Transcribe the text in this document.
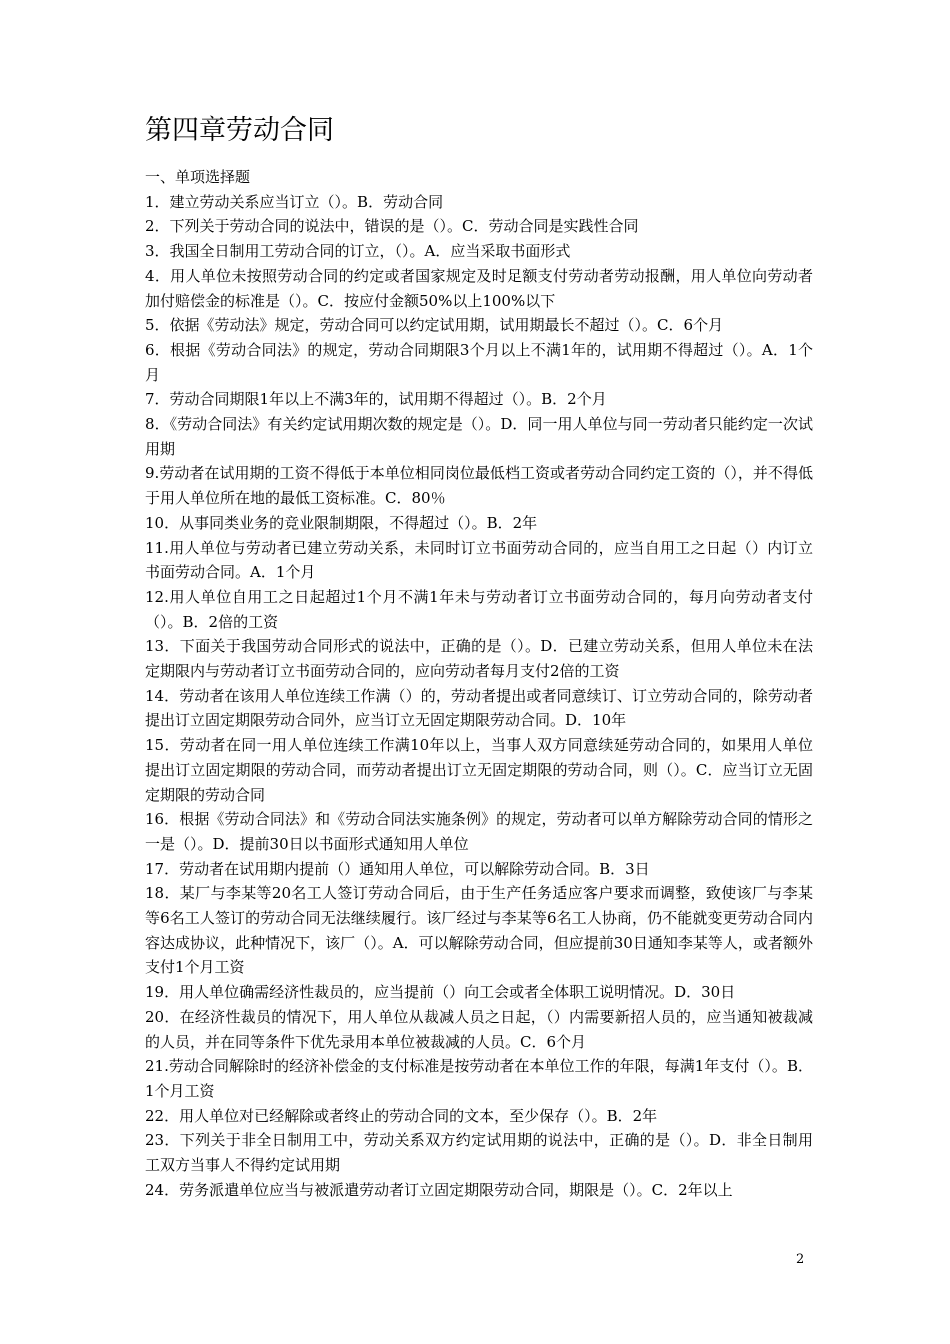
第四章劳动合同
一、单项选择题
1．建立劳动关系应当订立（）。B．劳动合同
2．下列关于劳动合同的说法中，错误的是（）。C．劳动合同是实践性合同
3．我国全日制用工劳动合同的订立，（）。A．应当采取书面形式
4．用人单位未按照劳动合同的约定或者国家规定及时足额支付劳动者劳动报酬，用人单位向劳动者加付赔偿金的标准是（）。C．按应付金额50%以上100%以下
5．依据《劳动法》规定，劳动合同可以约定试用期，试用期最长不超过（）。C．6个月
6．根据《劳动合同法》的规定，劳动合同期限3个月以上不满1年的，试用期不得超过（）。A．1个月
7．劳动合同期限1年以上不满3年的，试用期不得超过（）。B．2个月
8．《劳动合同法》有关约定试用期次数的规定是（）。D．同一用人单位与同一劳动者只能约定一次试用期
9.劳动者在试用期的工资不得低于本单位相同岗位最低档工资或者劳动合同约定工资的（），并不得低于用人单位所在地的最低工资标准。C．80％
10．从事同类业务的竞业限制期限，不得超过（）。B．2年
11.用人单位与劳动者已建立劳动关系，未同时订立书面劳动合同的，应当自用工之日起（）内订立书面劳动合同。A．1个月
12.用人单位自用工之日起超过1个月不满1年未与劳动者订立书面劳动合同的，每月向劳动者支付（）。B．2倍的工资
13．下面关于我国劳动合同形式的说法中，正确的是（）。D．已建立劳动关系，但用人单位未在法定期限内与劳动者订立书面劳动合同的，应向劳动者每月支付2倍的工资
14．劳动者在该用人单位连续工作满（）的，劳动者提出或者同意续订、订立劳动合同的，除劳动者提出订立固定期限劳动合同外，应当订立无固定期限劳动合同。D．10年
15．劳动者在同一用人单位连续工作满10年以上，当事人双方同意续延劳动合同的，如果用人单位提出订立固定期限的劳动合同，而劳动者提出订立无固定期限的劳动合同，则（）。C．应当订立无固定期限的劳动合同
16．根据《劳动合同法》和《劳动合同法实施条例》的规定，劳动者可以单方解除劳动合同的情形之一是（）。D．提前30日以书面形式通知用人单位
17．劳动者在试用期内提前（）通知用人单位，可以解除劳动合同。B．3日
18．某厂与李某等20名工人签订劳动合同后，由于生产任务适应客户要求而调整，致使该厂与李某等6名工人签订的劳动合同无法继续履行。该厂经过与李某等6名工人协商，仍不能就变更劳动合同内容达成协议，此种情况下，该厂（）。A．可以解除劳动合同，但应提前30日通知李某等人，或者额外支付1个月工资
19．用人单位确需经济性裁员的，应当提前（）向工会或者全体职工说明情况。D．30日
20．在经济性裁员的情况下，用人单位从裁减人员之日起，（）内需要新招人员的，应当通知被裁减的人员，并在同等条件下优先录用本单位被裁减的人员。C．6个月
21.劳动合同解除时的经济补偿金的支付标准是按劳动者在本单位工作的年限，每满1年支付（）。B．1个月工资
22．用人单位对已经解除或者终止的劳动合同的文本，至少保存（）。B．2年
23．下列关于非全日制用工中，劳动关系双方约定试用期的说法中，正确的是（）。D．非全日制用工双方当事人不得约定试用期
24．劳务派遣单位应当与被派遣劳动者订立固定期限劳动合同，期限是（）。C．2年以上
2
